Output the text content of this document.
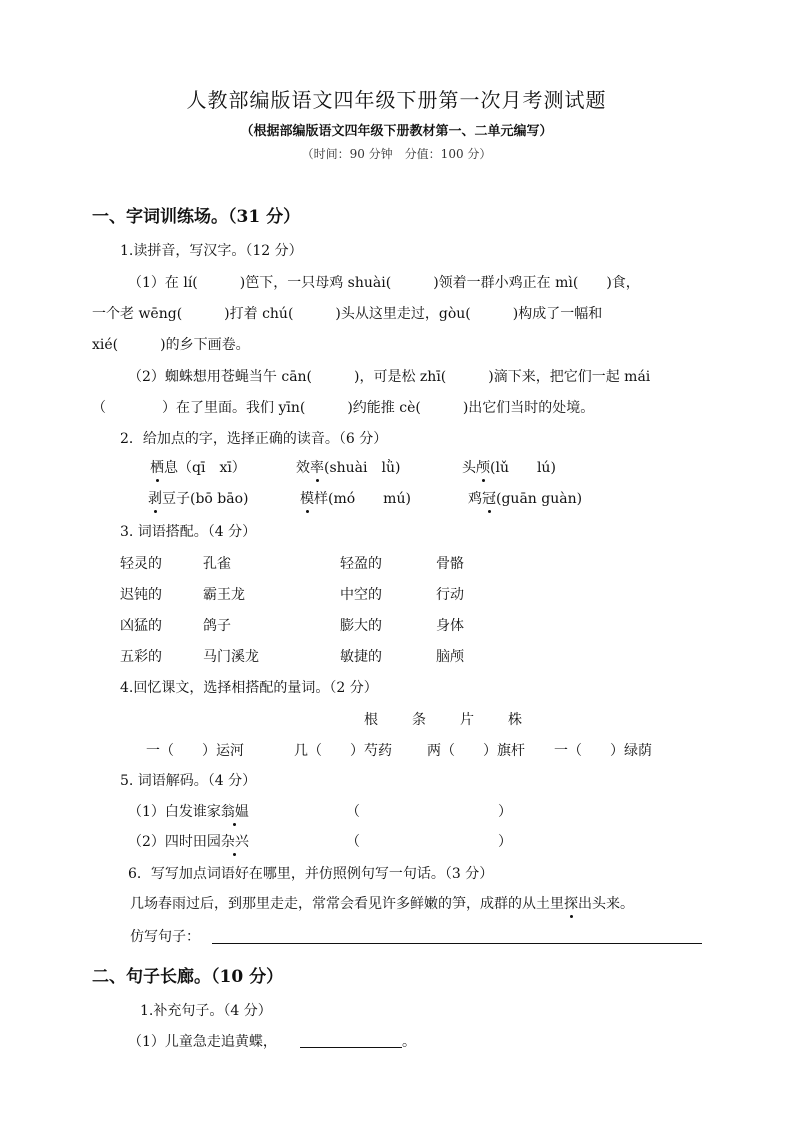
人教部编版语文四年级下册第一次月考测试题
（根据部编版语文四年级下册教材第一、二单元编写）
（时间：90 分钟　分值：100 分）
一、字词训练场。（31 分）
1.读拼音，写汉字。（12 分）
（1）在 lí(　　　)笆下，一只母鸡 shuài(　　　)领着一群小鸡正在 mì(　　)食，
一个老 wēng(　　　)打着 chú(　　　)头从这里走过，gòu(　　　)构成了一幅和
xié(　　　)的乡下画卷。
（2）蜘蛛想用苍蝇当午 cān(　　　)，可是松 zhī(　　　)滴下来，把它们一起 mái
（　　　　）在了里面。我们 yīn(　　　)约能推 cè(　　　)出它们当时的处境。
2．给加点的字，选择正确的读音。（6 分）
栖息（qī　xī）	效率(shuài　lǜ)	头颅(lǔ　　lú)
剥豆子(bō bāo)	模样(mó　　mú)	鸡冠(guān guàn)
3. 词语搭配。（4 分）
轻灵的	孔雀	轻盈的	骨骼
迟钝的	霸王龙	中空的	行动
凶猛的	鸽子	膨大的	身体
五彩的	马门溪龙	敏捷的	脑颅
4.回忆课文，选择相搭配的量词。（2 分）
根 条 片 株
一（　　）运河	几（　　）芍药	两（　　）旗杆 一（　　）绿荫
5. 词语解码。（4 分）
（1）白发谁家翁媪	（	）
（2）四时田园杂兴	（	）
6．写写加点词语好在哪里，并仿照例句写一句话。（3 分）
几场春雨过后，到那里走走，常常会看见许多鲜嫩的笋，成群的从土里探出头来。
仿写句子：
二、句子长廊。（10 分）
1.补充句子。（4 分）
（1）儿童急走追黄蝶，	。
